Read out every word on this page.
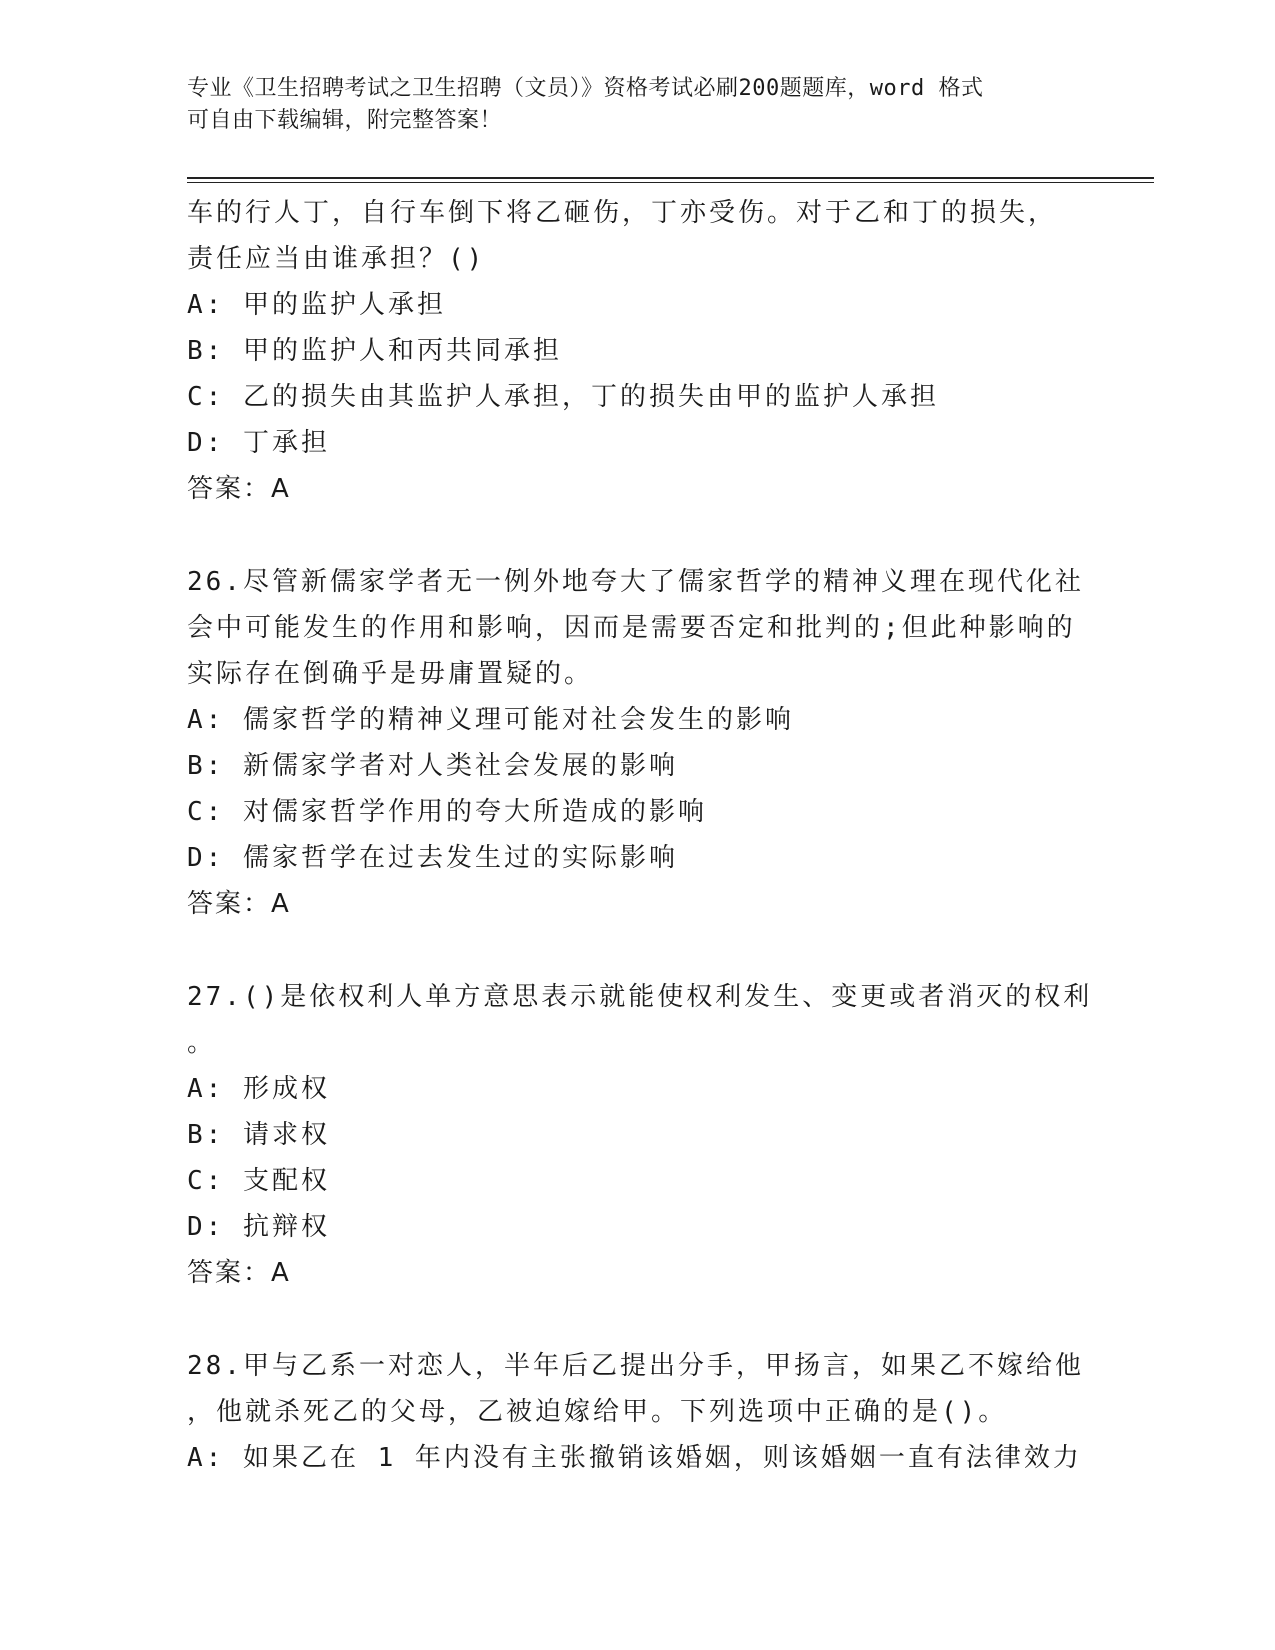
专业《卫生招聘考试之卫生招聘（文员）》资格考试必刷200题题库，word 格式
可自由下载编辑，附完整答案！
车的行人丁，自行车倒下将乙砸伤，丁亦受伤。对于乙和丁的损失，
责任应当由谁承担？()
A: 甲的监护人承担
B: 甲的监护人和丙共同承担
C: 乙的损失由其监护人承担，丁的损失由甲的监护人承担
D: 丁承担
答案：A
26.尽管新儒家学者无一例外地夸大了儒家哲学的精神义理在现代化社
会中可能发生的作用和影响，因而是需要否定和批判的;但此种影响的
实际存在倒确乎是毋庸置疑的。
A: 儒家哲学的精神义理可能对社会发生的影响
B: 新儒家学者对人类社会发展的影响
C: 对儒家哲学作用的夸大所造成的影响
D: 儒家哲学在过去发生过的实际影响
答案：A
27.()是依权利人单方意思表示就能使权利发生、变更或者消灭的权利
。
A: 形成权
B: 请求权
C: 支配权
D: 抗辩权
答案：A
28.甲与乙系一对恋人，半年后乙提出分手，甲扬言，如果乙不嫁给他
，他就杀死乙的父母，乙被迫嫁给甲。下列选项中正确的是()。
A: 如果乙在 1 年内没有主张撤销该婚姻，则该婚姻一直有法律效力
